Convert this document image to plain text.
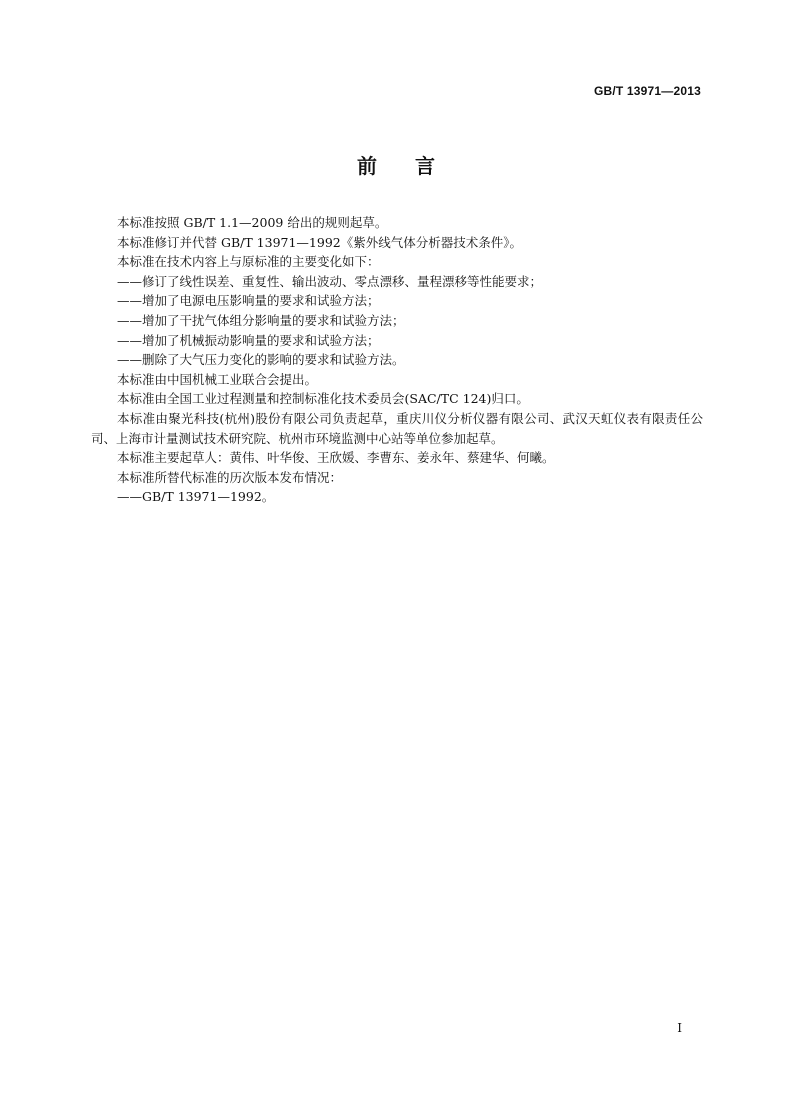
GB/T 13971—2013
前 言

本标准按照 GB/T 1.1—2009 给出的规则起草。

本标准修订并代替 GB/T 13971—1992《紫外线气体分析器技术条件》。

本标准在技术内容上与原标准的主要变化如下：

——修订了线性误差、重复性、输出波动、零点漂移、量程漂移等性能要求；

——增加了电源电压影响量的要求和试验方法；

——增加了干扰气体组分影响量的要求和试验方法；

——增加了机械振动影响量的要求和试验方法；

——删除了大气压力变化的影响的要求和试验方法。

本标准由中国机械工业联合会提出。

本标准由全国工业过程测量和控制标准化技术委员会(SAC/TC 124)归口。

本标准由聚光科技(杭州)股份有限公司负责起草，重庆川仪分析仪器有限公司、武汉天虹仪表有限责任公司、上海市计量测试技术研究院、杭州市环境监测中心站等单位参加起草。

本标准主要起草人：黄伟、叶华俊、王欣媛、李曹东、姜永年、蔡建华、何曦。

本标准所替代标准的历次版本发布情况：

——GB/T 13971—1992。

I
